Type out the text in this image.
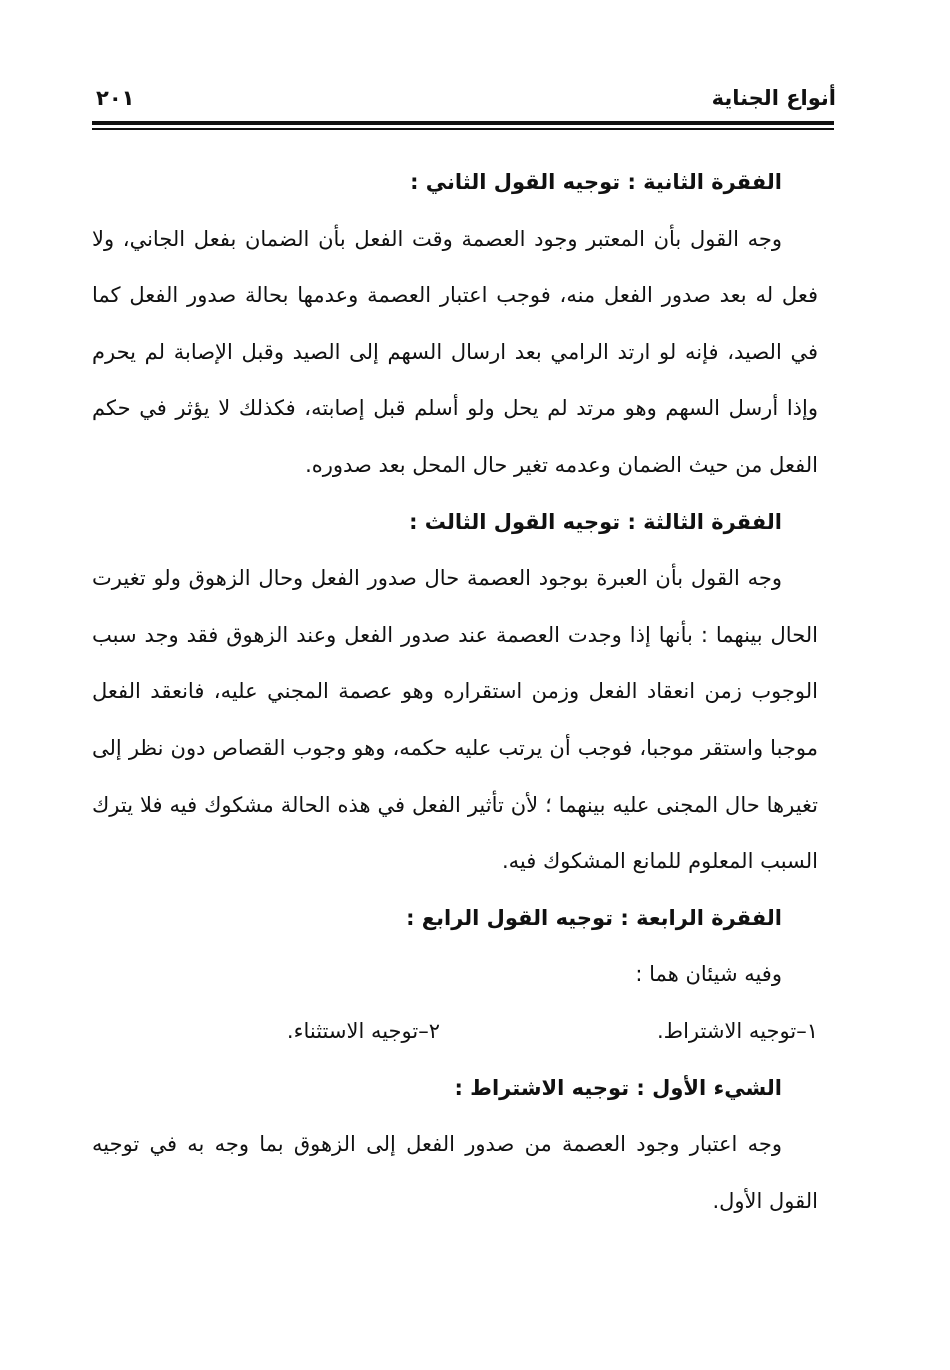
أنواع الجناية
٢٠١

الفقرة الثانية : توجيه القول الثاني :

وجه القول بأن المعتبر وجود العصمة وقت الفعل بأن الضمان بفعل الجاني، ولا فعل له بعد صدور الفعل منه، فوجب اعتبار العصمة وعدمها بحالة صدور الفعل كما في الصيد، فإنه لو ارتد الرامي بعد ارسال السهم إلى الصيد وقبل الإصابة لم يحرم وإذا أرسل السهم وهو مرتد لم يحل ولو أسلم قبل إصابته، فكذلك لا يؤثر في حكم الفعل من حيث الضمان وعدمه تغير حال المحل بعد صدوره.

الفقرة الثالثة : توجيه القول الثالث :

وجه القول بأن العبرة بوجود العصمة حال صدور الفعل وحال الزهوق ولو تغيرت الحال بينهما : بأنها إذا وجدت العصمة عند صدور الفعل وعند الزهوق فقد وجد سبب الوجوب زمن انعقاد الفعل وزمن استقراره وهو عصمة المجني عليه، فانعقد الفعل موجبا واستقر موجبا، فوجب أن يرتب عليه حكمه، وهو وجوب القصاص دون نظر إلى تغيرها حال المجنى عليه بينهما ؛ لأن تأثير الفعل في هذه الحالة مشكوك فيه فلا يترك السبب المعلوم للمانع المشكوك فيه.

الفقرة الرابعة : توجيه القول الرابع :

وفيه شيئان هما :

١–توجيه الاشتراط.
٢–توجيه الاستثناء.

الشيء الأول : توجيه الاشتراط :

وجه اعتبار وجود العصمة من صدور الفعل إلى الزهوق بما وجه به في توجيه القول الأول.
